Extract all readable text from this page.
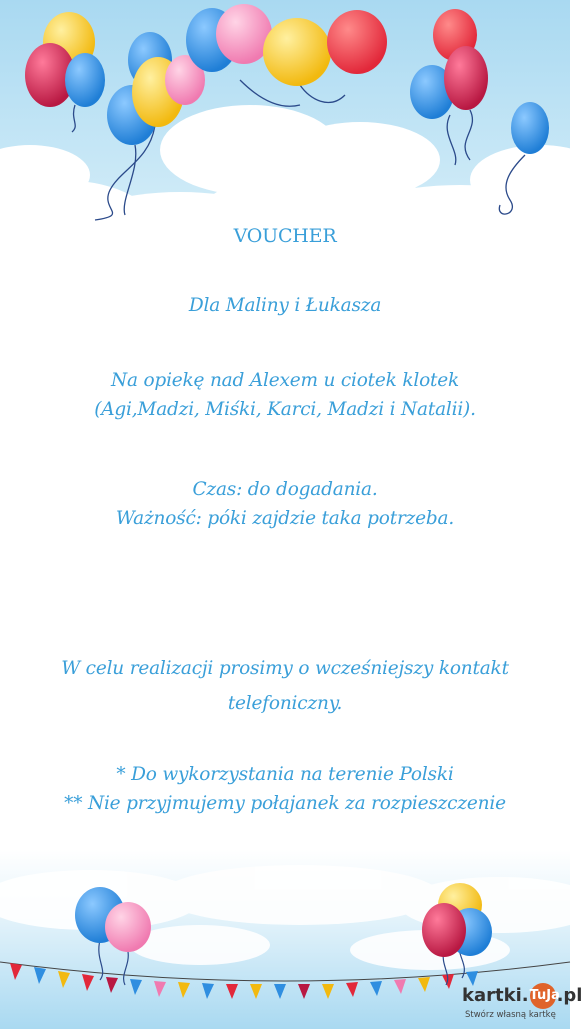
VOUCHER
Dla Maliny i Łukasza
Na opiekę nad Alexem u ciotek klotek
(Agi,Madzi, Miśki, Karci, Madzi i Natalii).
Czas: do dogadania.
Ważność: póki zajdzie taka potrzeba.
W celu realizacji prosimy o wcześniejszy kontakt
telefoniczny.
* Do wykorzystania na terenie Polski
** Nie przyjmujemy połajanek za rozpieszczenie
kartki.TuJa.pl
Stwórz własną kartkę
